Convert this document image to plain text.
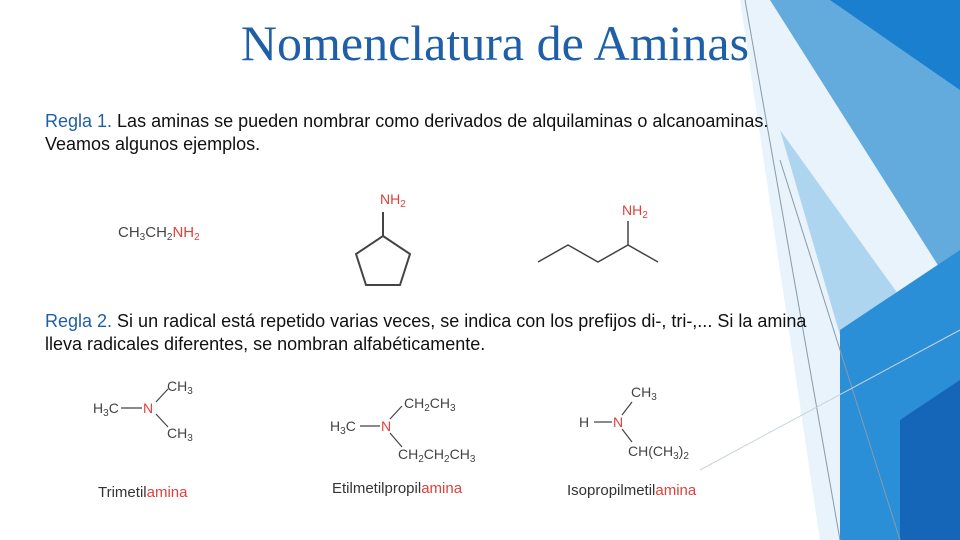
Nomenclatura de Aminas
Regla 1. Las aminas se pueden nombrar como derivados de alquilaminas o alcanoaminas. Veamos algunos ejemplos.
Regla 2. Si un radical está repetido varias veces, se indica con los prefijos di-, tri-,... Si la amina lleva radicales diferentes, se nombran alfabéticamente.
$CH_3CH_2NH_2$
$NH_2$	$NH_2$
$CH_3$
$H_3C$ N
$CH_3$
$CH_2CH_3$
$H_3C$ N
$CH_2CH_2CH_3$
$CH_3$
H N
$CH(CH_3)_2$
Trimetilamina	Etilmetilpropilamina	Isopropilmetilamina
